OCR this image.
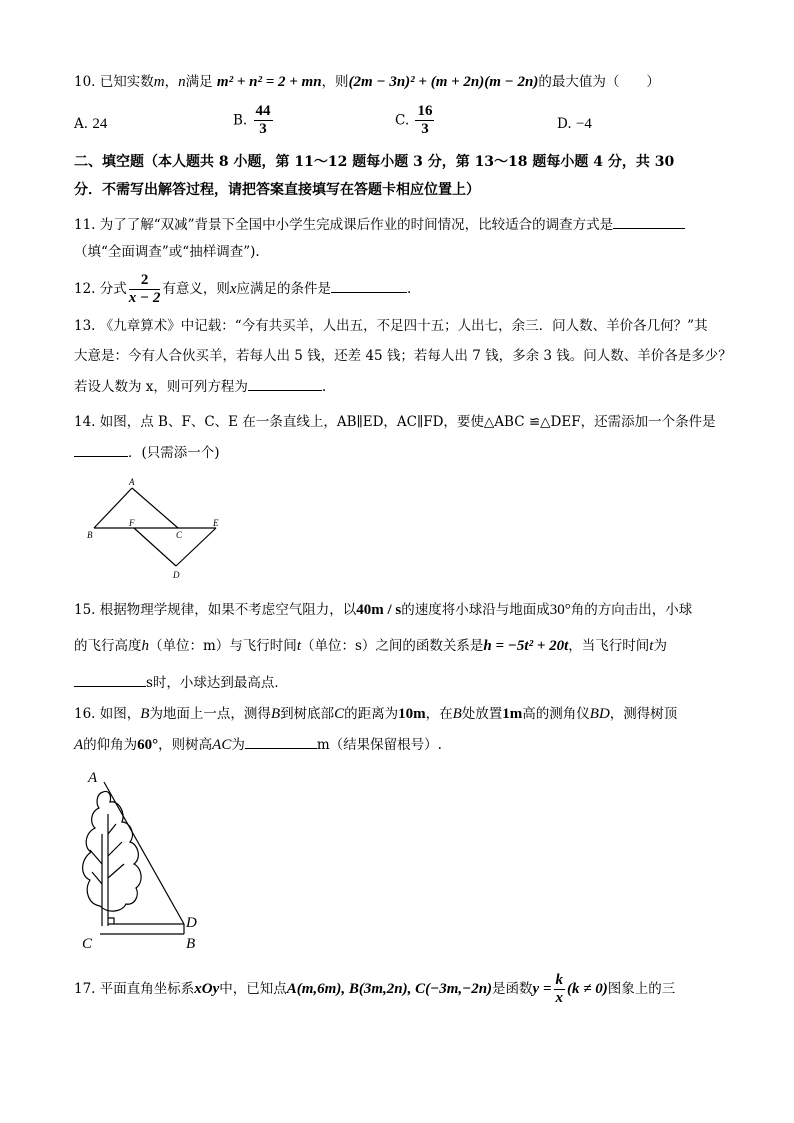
10. 已知实数m，n满足 m² + n² = 2 + mn，则(2m − 3n)² + (m + 2n)(m − 2n)的最大值为（　　）
A. 24	B. $\frac{44}{3}$	C. $\frac{16}{3}$	D. −4
二、填空题（本人题共 8 小题，第 11～12 题每小题 3 分，第 13～18 题每小题 4 分，共 30
分．不需写出解答过程，请把答案直接填写在答题卡相应位置上）
11. 为了了解“双减”背景下全国中小学生完成课后作业的时间情况，比较适合的调查方式是
（填“全面调查”或“抽样调查”).
12. 分式 $\frac{2}{x - 2}$ 有意义，则x应满足的条件是	.
13. 《九章算术》中记载：“今有共买羊，人出五，不足四十五；人出七，余三．问人数、羊价各几何？”其
大意是：今有人合伙买羊，若每人出 5 钱，还差 45 钱；若每人出 7 钱，多余 3 钱。问人数、羊价各是多少？
若设人数为 x，则可列方程为	.
14. 如图，点 B、F、C、E 在一条直线上，AB∥ED，AC∥FD，要使△ABC ≌△DEF，还需添加一个条件是
．(只需添一个)
A
B
F
C
E
D
15. 根据物理学规律，如果不考虑空气阻力，以40m / s的速度将小球沿与地面成30°角的方向击出，小球
的飞行高度h（单位：m）与飞行时间t（单位：s）之间的函数关系是h = −5t² + 20t，当飞行时间t为
s时，小球达到最高点．
16. 如图，B为地面上一点，测得B到树底部C的距离为10m，在B处放置1m高的测角仪BD，测得树顶
A的仰角为60°，则树高AC为	m（结果保留根号）.
A
C
D
B
17. 平面直角坐标系xOy中，已知点A(m,6m), B(3m,2n), C(−3m,−2n)是函数$y = \frac{k}{x} (k \ne 0)$图象上的三
